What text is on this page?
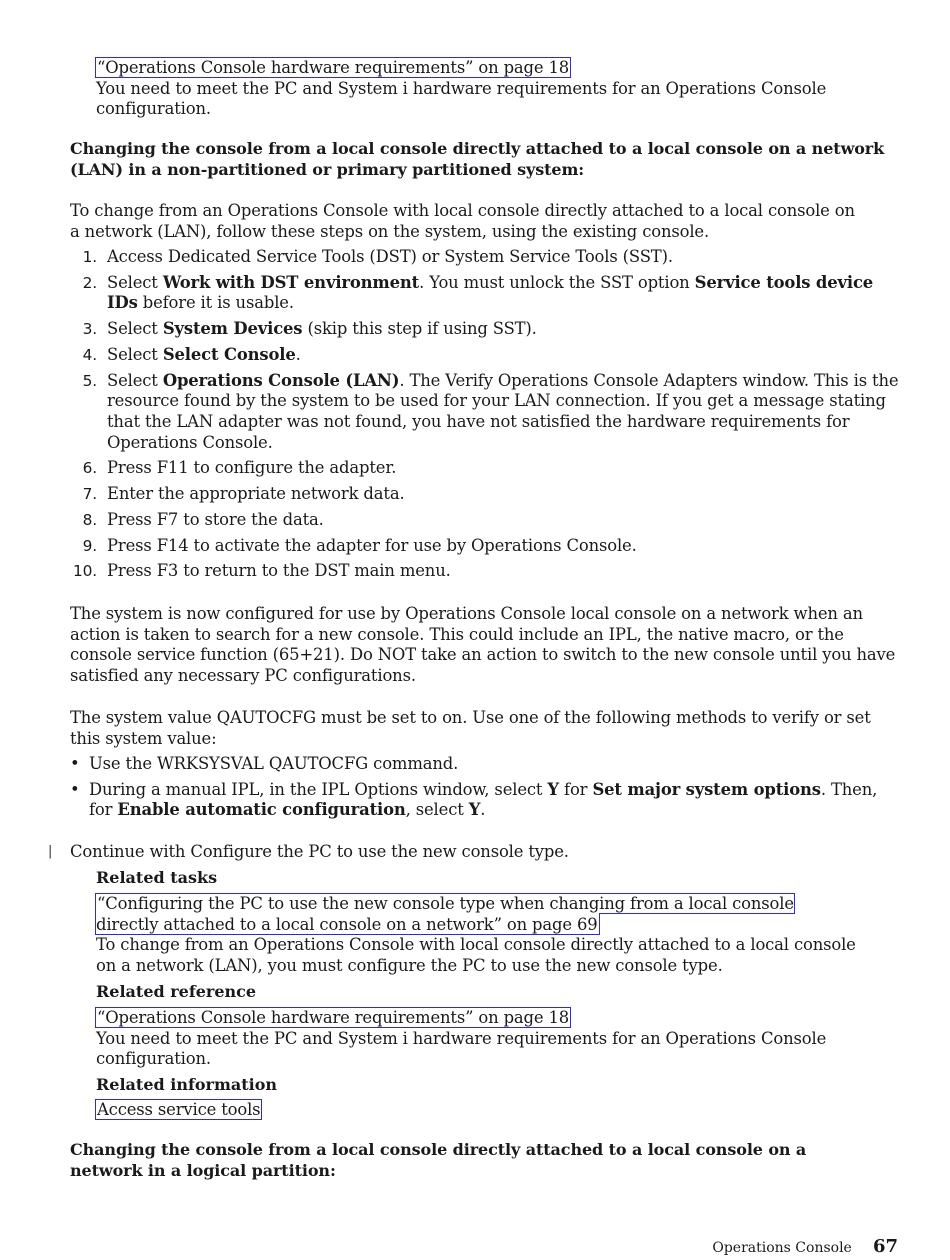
“Operations Console hardware requirements” on page 18
You need to meet the PC and System i hardware requirements for an Operations Console configuration.
Changing the console from a local console directly attached to a local console on a network (LAN) in a non-partitioned or primary partitioned system:
To change from an Operations Console with local console directly attached to a local console on a network (LAN), follow these steps on the system, using the existing console.
1. Access Dedicated Service Tools (DST) or System Service Tools (SST).
2. Select Work with DST environment. You must unlock the SST option Service tools device IDs before it is usable.
3. Select System Devices (skip this step if using SST).
4. Select Select Console.
5. Select Operations Console (LAN). The Verify Operations Console Adapters window. This is the resource found by the system to be used for your LAN connection. If you get a message stating that the LAN adapter was not found, you have not satisfied the hardware requirements for Operations Console.
6. Press F11 to configure the adapter.
7. Enter the appropriate network data.
8. Press F7 to store the data.
9. Press F14 to activate the adapter for use by Operations Console.
10. Press F3 to return to the DST main menu.
The system is now configured for use by Operations Console local console on a network when an action is taken to search for a new console. This could include an IPL, the native macro, or the console service function (65+21). Do NOT take an action to switch to the new console until you have satisfied any necessary PC configurations.
The system value QAUTOCFG must be set to on. Use one of the following methods to verify or set this system value:
• Use the WRKSYSVAL QAUTOCFG command.
• During a manual IPL, in the IPL Options window, select Y for Set major system options. Then, for Enable automatic configuration, select Y.
| Continue with Configure the PC to use the new console type.
Related tasks
“Configuring the PC to use the new console type when changing from a local console directly attached to a local console on a network” on page 69
To change from an Operations Console with local console directly attached to a local console on a network (LAN), you must configure the PC to use the new console type.
Related reference
“Operations Console hardware requirements” on page 18
You need to meet the PC and System i hardware requirements for an Operations Console configuration.
Related information
Access service tools
Changing the console from a local console directly attached to a local console on a network in a logical partition:
Operations Console 67
